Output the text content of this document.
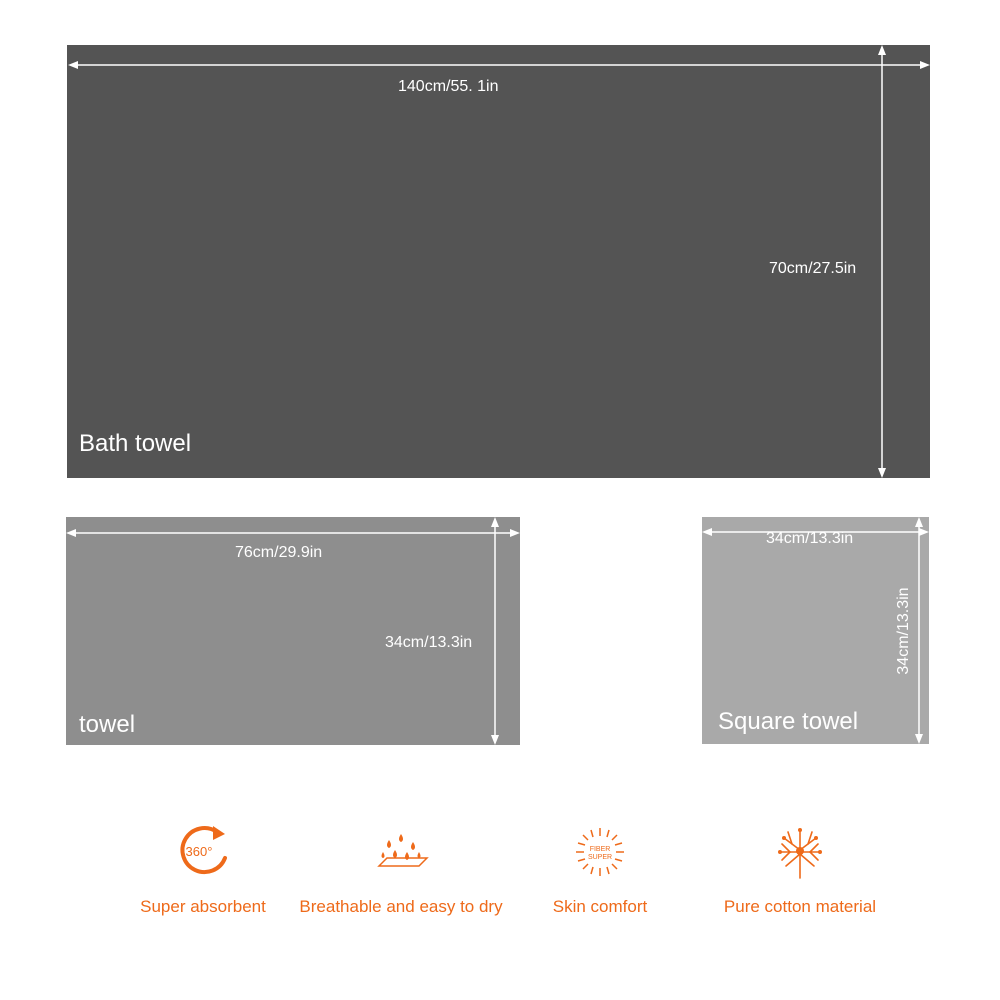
Bath towel
140cm/55. 1in
70cm/27.5in
towel
76cm/29.9in
34cm/13.3in
Square towel
34cm/13.3in
34cm/13.3in
360°
Super absorbent	Breathable and easy to dry
FIBER
SUPER
Skin comfort	Pure cotton material
